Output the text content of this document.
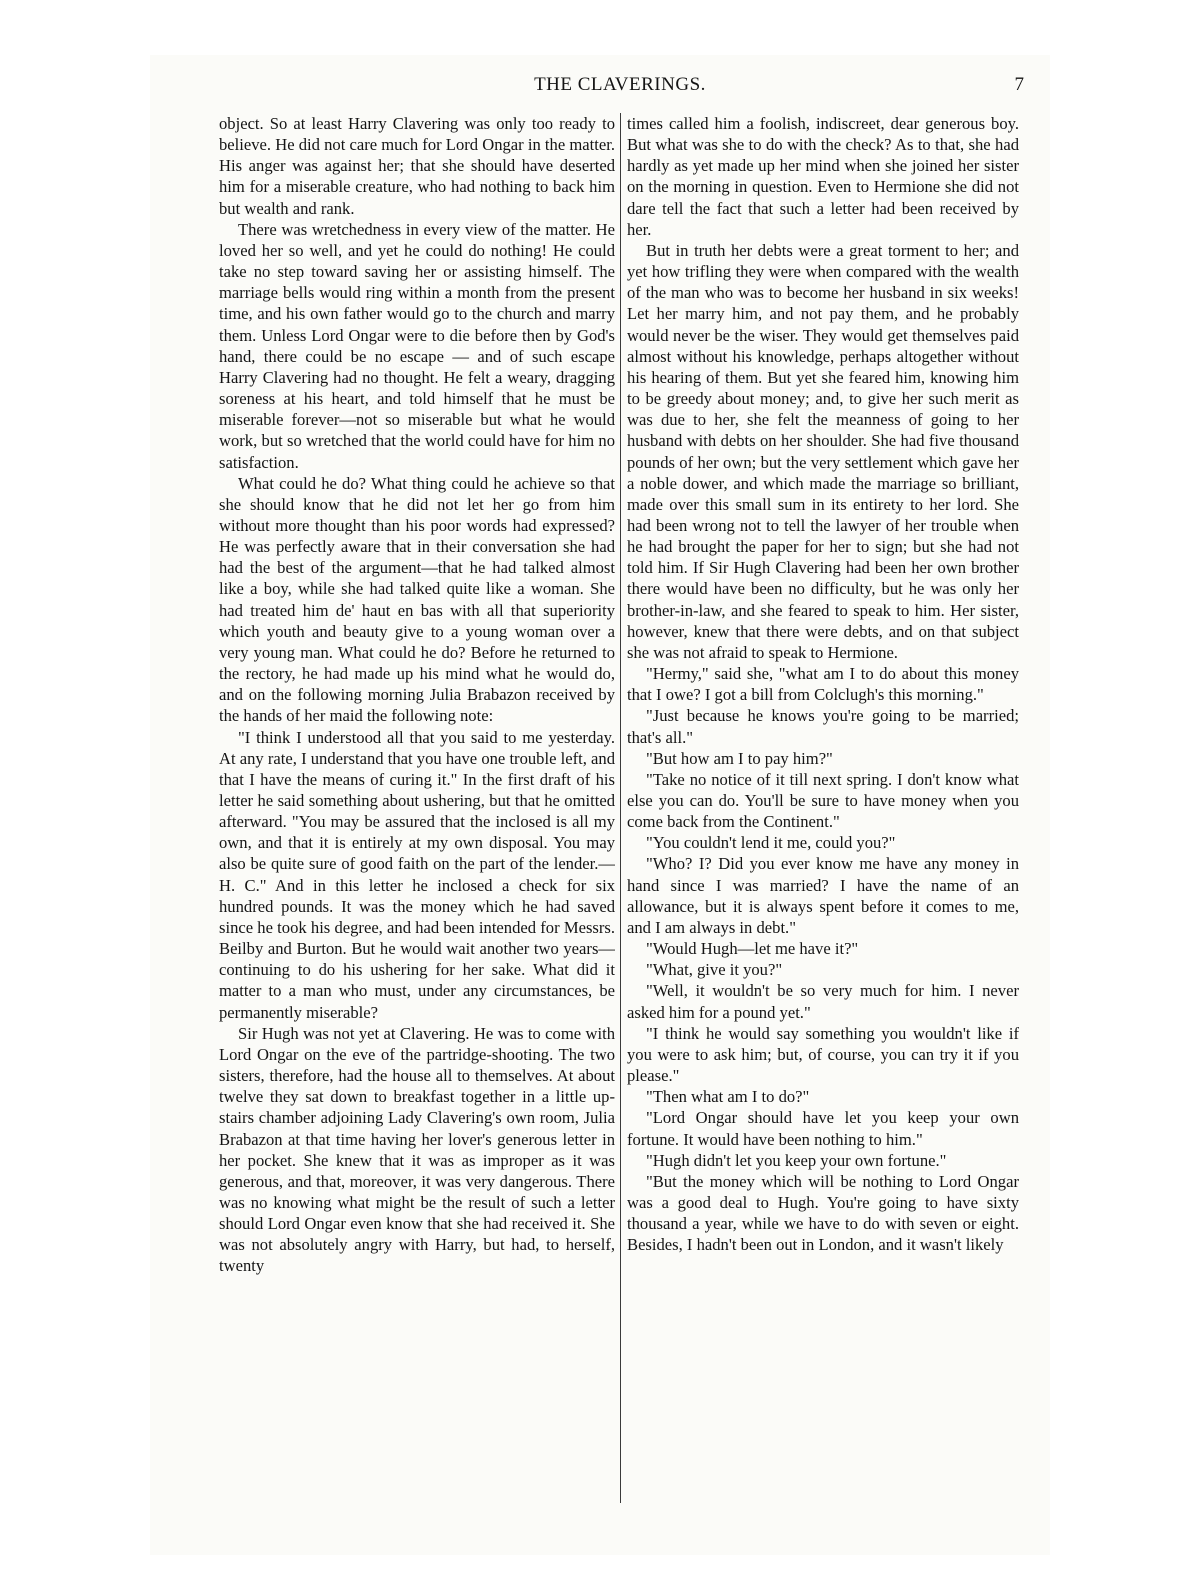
THE CLAVERINGS.	7

object. So at least Harry Clavering was only too ready to believe. He did not care much for Lord Ongar in the matter. His anger was against her; that she should have deserted him for a miserable creature, who had nothing to back him but wealth and rank.

There was wretchedness in every view of the matter. He loved her so well, and yet he could do nothing! He could take no step toward saving her or assisting himself. The marriage bells would ring within a month from the present time, and his own father would go to the church and marry them. Unless Lord Ongar were to die before then by God's hand, there could be no escape — and of such escape Harry Clavering had no thought. He felt a weary, dragging soreness at his heart, and told himself that he must be miserable forever—not so miserable but what he would work, but so wretched that the world could have for him no satisfaction.

What could he do? What thing could he achieve so that she should know that he did not let her go from him without more thought than his poor words had expressed? He was perfectly aware that in their conversation she had had the best of the argument—that he had talked almost like a boy, while she had talked quite like a woman. She had treated him de' haut en bas with all that superiority which youth and beauty give to a young woman over a very young man. What could he do? Before he returned to the rectory, he had made up his mind what he would do, and on the following morning Julia Brabazon received by the hands of her maid the following note:

"I think I understood all that you said to me yesterday. At any rate, I understand that you have one trouble left, and that I have the means of curing it." In the first draft of his letter he said something about ushering, but that he omitted afterward. "You may be assured that the inclosed is all my own, and that it is entirely at my own disposal. You may also be quite sure of good faith on the part of the lender.—H. C." And in this letter he inclosed a check for six hundred pounds. It was the money which he had saved since he took his degree, and had been intended for Messrs. Beilby and Burton. But he would wait another two years—continuing to do his ushering for her sake. What did it matter to a man who must, under any circumstances, be permanently miserable?

Sir Hugh was not yet at Clavering. He was to come with Lord Ongar on the eve of the partridge-shooting. The two sisters, therefore, had the house all to themselves. At about twelve they sat down to breakfast together in a little up-stairs chamber adjoining Lady Clavering's own room, Julia Brabazon at that time having her lover's generous letter in her pocket. She knew that it was as improper as it was generous, and that, moreover, it was very dangerous. There was no knowing what might be the result of such a letter should Lord Ongar even know that she had received it. She was not absolutely angry with Harry, but had, to herself, twenty

times called him a foolish, indiscreet, dear generous boy. But what was she to do with the check? As to that, she had hardly as yet made up her mind when she joined her sister on the morning in question. Even to Hermione she did not dare tell the fact that such a letter had been received by her.

But in truth her debts were a great torment to her; and yet how trifling they were when compared with the wealth of the man who was to become her husband in six weeks! Let her marry him, and not pay them, and he probably would never be the wiser. They would get themselves paid almost without his knowledge, perhaps altogether without his hearing of them. But yet she feared him, knowing him to be greedy about money; and, to give her such merit as was due to her, she felt the meanness of going to her husband with debts on her shoulder. She had five thousand pounds of her own; but the very settlement which gave her a noble dower, and which made the marriage so brilliant, made over this small sum in its entirety to her lord. She had been wrong not to tell the lawyer of her trouble when he had brought the paper for her to sign; but she had not told him. If Sir Hugh Clavering had been her own brother there would have been no difficulty, but he was only her brother-in-law, and she feared to speak to him. Her sister, however, knew that there were debts, and on that subject she was not afraid to speak to Hermione.

"Hermy," said she, "what am I to do about this money that I owe? I got a bill from Colclugh's this morning."

"Just because he knows you're going to be married; that's all."

"But how am I to pay him?"

"Take no notice of it till next spring. I don't know what else you can do. You'll be sure to have money when you come back from the Continent."

"You couldn't lend it me, could you?"

"Who? I? Did you ever know me have any money in hand since I was married? I have the name of an allowance, but it is always spent before it comes to me, and I am always in debt."

"Would Hugh—let me have it?"

"What, give it you?"

"Well, it wouldn't be so very much for him. I never asked him for a pound yet."

"I think he would say something you wouldn't like if you were to ask him; but, of course, you can try it if you please."

"Then what am I to do?"

"Lord Ongar should have let you keep your own fortune. It would have been nothing to him."

"Hugh didn't let you keep your own fortune."

"But the money which will be nothing to Lord Ongar was a good deal to Hugh. You're going to have sixty thousand a year, while we have to do with seven or eight. Besides, I hadn't been out in London, and it wasn't likely
